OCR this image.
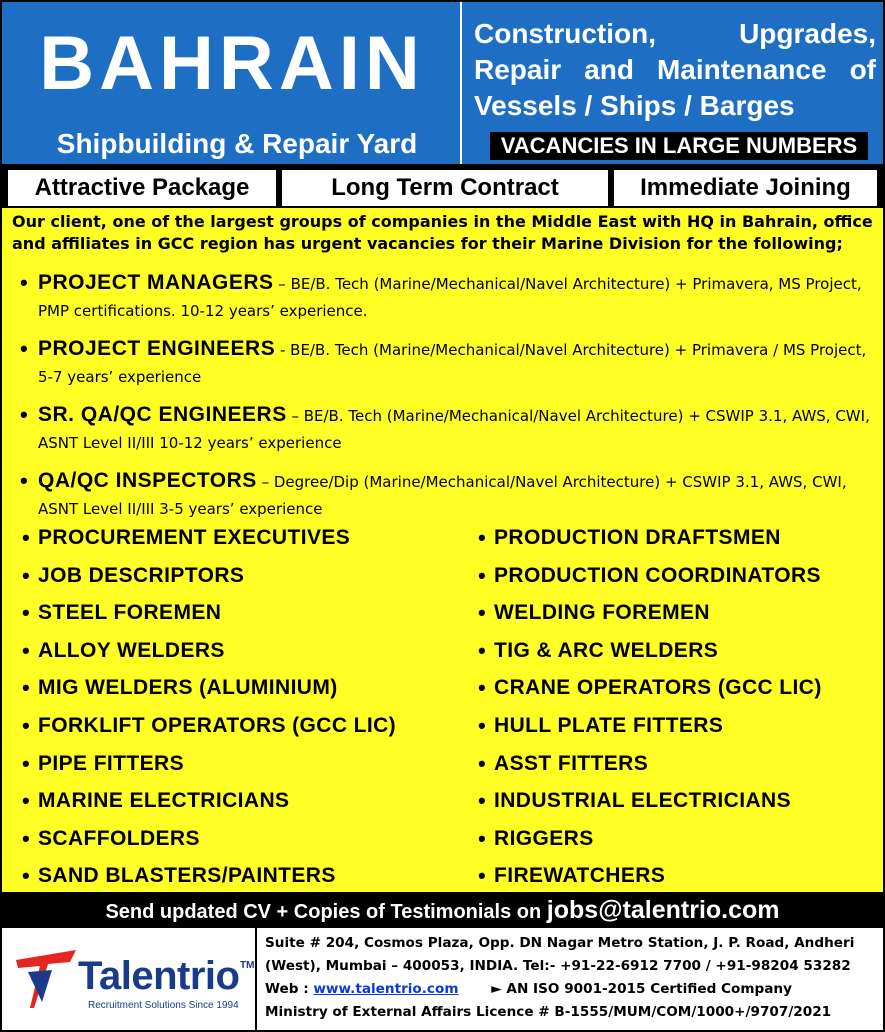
BAHRAIN
Shipbuilding & Repair Yard
Construction, Upgrades, Repair and Maintenance of Vessels / Ships / Barges
VACANCIES IN LARGE NUMBERS
Attractive Package	Long Term Contract	Immediate Joining
Our client, one of the largest groups of companies in the Middle East with HQ in Bahrain, office and affiliates in GCC region has urgent vacancies for their Marine Division for the following;
• PROJECT MANAGERS – BE/B. Tech (Marine/Mechanical/Navel Architecture) + Primavera, MS Project, PMP certifications. 10-12 years’ experience.
• PROJECT ENGINEERS - BE/B. Tech (Marine/Mechanical/Navel Architecture) + Primavera / MS Project, 5-7 years’ experience
• SR. QA/QC ENGINEERS – BE/B. Tech (Marine/Mechanical/Navel Architecture) + CSWIP 3.1, AWS, CWI, ASNT Level II/III 10-12 years’ experience
• QA/QC INSPECTORS – Degree/Dip (Marine/Mechanical/Navel Architecture) + CSWIP 3.1, AWS, CWI, ASNT Level II/III 3-5 years’ experience
• PROCUREMENT EXECUTIVES
• JOB DESCRIPTORS
• STEEL FOREMEN
• ALLOY WELDERS
• MIG WELDERS (ALUMINIUM)
• FORKLIFT OPERATORS (GCC LIC)
• PIPE FITTERS
• MARINE ELECTRICIANS
• SCAFFOLDERS
• SAND BLASTERS/PAINTERS
• PRODUCTION DRAFTSMEN
• PRODUCTION COORDINATORS
• WELDING FOREMEN
• TIG & ARC WELDERS
• CRANE OPERATORS (GCC LIC)
• HULL PLATE FITTERS
• ASST FITTERS
• INDUSTRIAL ELECTRICIANS
• RIGGERS
• FIREWATCHERS
Send updated CV + Copies of Testimonials on jobs@talentrio.com
Talentrio TM
Recruitment Solutions Since 1994
Suite # 204, Cosmos Plaza, Opp. DN Nagar Metro Station, J. P. Road, Andheri
(West), Mumbai – 400053, INDIA. Tel:- +91-22-6912 7700 / +91-98204 53282
Web : www.talentrio.com ► AN ISO 9001-2015 Certified Company
Ministry of External Affairs Licence # B-1555/MUM/COM/1000+/9707/2021
